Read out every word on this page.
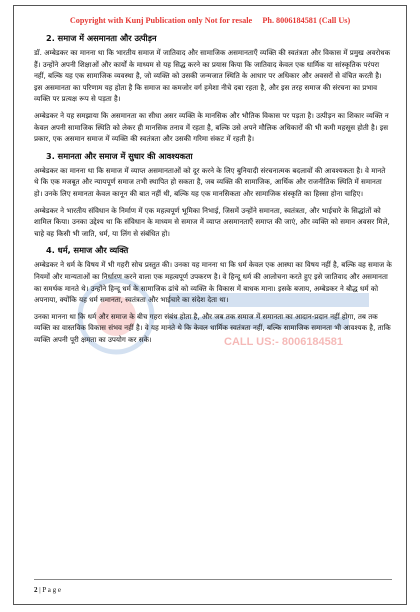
Copyright with Kunj Publication only Not for resale Ph. 8006184581 (Call Us)
CALL US:- 8006184581
2. समाज में असमानता और उत्पीड़न

डॉ. अम्बेडकर का मानना था कि भारतीय समाज में जातिवाद और सामाजिक असमानताएँ व्यक्ति की स्वतंत्रता और विकास में प्रमुख अवरोधक हैं। उन्होंने अपनी शिक्षाओं और कार्यों के माध्यम से यह सिद्ध करने का प्रयास किया कि जातिवाद केवल एक धार्मिक या सांस्कृतिक परंपरा नहीं, बल्कि यह एक सामाजिक व्यवस्था है, जो व्यक्ति को उसकी जन्मजात स्थिति के आधार पर अधिकार और अवसरों से वंचित करती है। इस असमानता का परिणाम यह होता है कि समाज का कमजोर वर्ग हमेशा नीचे दबा रहता है, और इस तरह समाज की संरचना का प्रभाव व्यक्ति पर प्रत्यक्ष रूप से पड़ता है।

अम्बेडकर ने यह समझाया कि असमानता का सीधा असर व्यक्ति के मानसिक और भौतिक विकास पर पड़ता है। उत्पीड़न का शिकार व्यक्ति न केवल अपनी सामाजिक स्थिति को लेकर ही मानसिक तनाव में रहता है, बल्कि उसे अपने मौलिक अधिकारों की भी कमी महसूस होती है। इस प्रकार, एक असमान समाज में व्यक्ति की स्वतंत्रता और उसकी गरिमा संकट में रहती है।

3. समानता और समाज में सुधार की आवश्यकता

अम्बेडकर का मानना था कि समाज में व्याप्त असमानताओं को दूर करने के लिए बुनियादी संरचनात्मक बदलावों की आवश्यकता है। वे मानते थे कि एक मजबूत और न्यायपूर्ण समाज तभी स्थापित हो सकता है, जब व्यक्ति की सामाजिक, आर्थिक और राजनीतिक स्थिति में समानता हो। उनके लिए समानता केवल कानून की बात नहीं थी, बल्कि यह एक मानसिकता और सामाजिक संस्कृति का हिस्सा होना चाहिए।

अम्बेडकर ने भारतीय संविधान के निर्माण में एक महत्वपूर्ण भूमिका निभाई, जिसमें उन्होंने समानता, स्वतंत्रता, और भाईचारे के सिद्धांतों को शामिल किया। उनका उद्देश्य था कि संविधान के माध्यम से समाज में व्याप्त असमानताएँ समाप्त की जाएं, और व्यक्ति को समान अवसर मिले, चाहे वह किसी भी जाति, धर्म, या लिंग से संबंधित हो।

4. धर्म, समाज और व्यक्ति

अम्बेडकर ने धर्म के विषय में भी गहरी सोच प्रस्तुत की। उनका यह मानना था कि धर्म केवल एक आस्था का विषय नहीं है, बल्कि वह समाज के नियमों और मान्यताओं का निर्धारण करने वाला एक महत्वपूर्ण उपकरण है। वे हिन्दू धर्म की आलोचना करते हुए इसे जातिवाद और असमानता का समर्थक मानते थे। उन्होंने हिन्दू धर्म के सामाजिक ढांचे को व्यक्ति के विकास में बाधक माना। इसके बजाय, अम्बेडकर ने बौद्ध धर्म को अपनाया, क्योंकि यह धर्म समानता, स्वतंत्रता और भाईचारे का संदेश देता था।

उनका मानना था कि धर्म और समाज के बीच गहरा संबंध होता है, और जब तक समाज में समानता का आदान-प्रदान नहीं होगा, तब तक व्यक्ति का वास्तविक विकास संभव नहीं है। वे यह मानते थे कि केवल धार्मिक स्वतंत्रता नहीं, बल्कि सामाजिक समानता भी आवश्यक है, ताकि व्यक्ति अपनी पूरी क्षमता का उपयोग कर सके।

2 | P a g e
